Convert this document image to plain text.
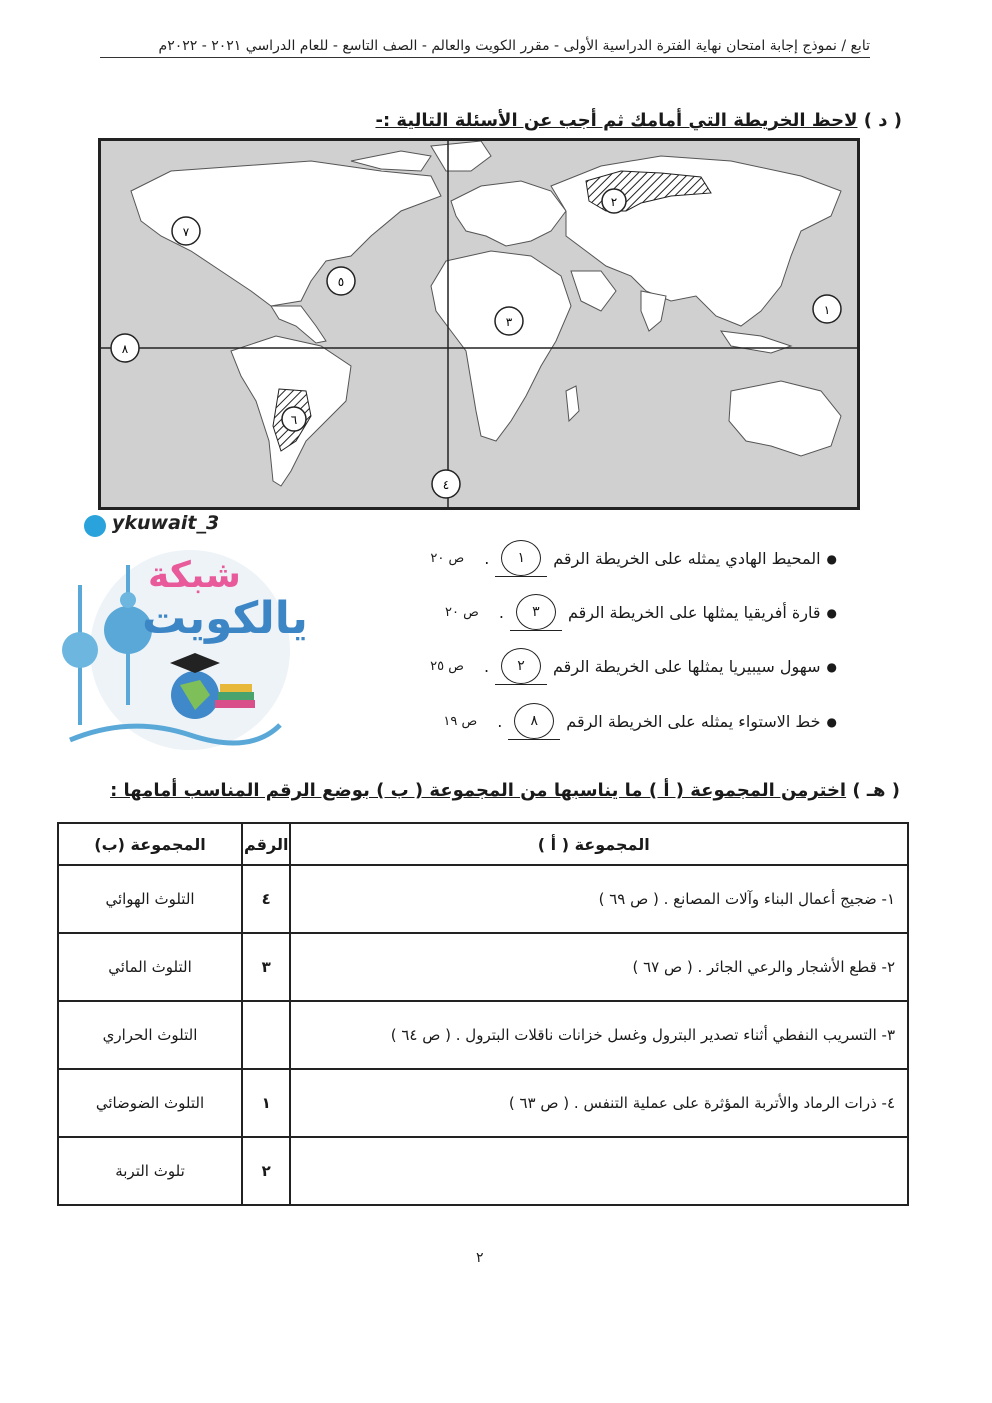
تابع / نموذج إجابة امتحان نهاية الفترة الدراسية الأولى - مقرر الكويت والعالم - الصف التاسع - للعام الدراسي ٢٠٢١ - ٢٠٢٢م
( د ) لاحظ الخريطة التي أمامك ثم أجب عن الأسئلة التالية :-
٧
٥
٣
٢
١
٨
٦
٤
ykuwait_3
شبكة
يالكويت
●
المحيط الهادي يمثله على الخريطة الرقم
١
.
ص ٢٠
●
قارة أفريقيا يمثلها على الخريطة الرقم
٣
.
ص ٢٠
●
سهول سيبيريا يمثلها على الخريطة الرقم
٢
.
ص ٢٥
●
خط الاستواء يمثله على الخريطة الرقم
٨
.
ص ١٩
( هـ ) اخترمن المجموعة ( أ ) ما يناسبها من المجموعة ( ب ) بوضع الرقم المناسب أمامها :
المجموعة ( أ )	الرقم	المجموعة (ب)
١- ضجيج أعمال البناء وآلات المصانع . ( ص ٦٩ )	٤	التلوث الهوائي
٢- قطع الأشجار والرعي الجائر . ( ص ٦٧ )	٣	التلوث المائي
٣- التسريب النفطي أثناء تصدير البترول وغسل خزانات ناقلات البترول . ( ص ٦٤ )		التلوث الحراري
٤- ذرات الرماد والأتربة المؤثرة على عملية التنفس . ( ص ٦٣ )	١	التلوث الضوضائي
	٢	تلوث التربة
٢
